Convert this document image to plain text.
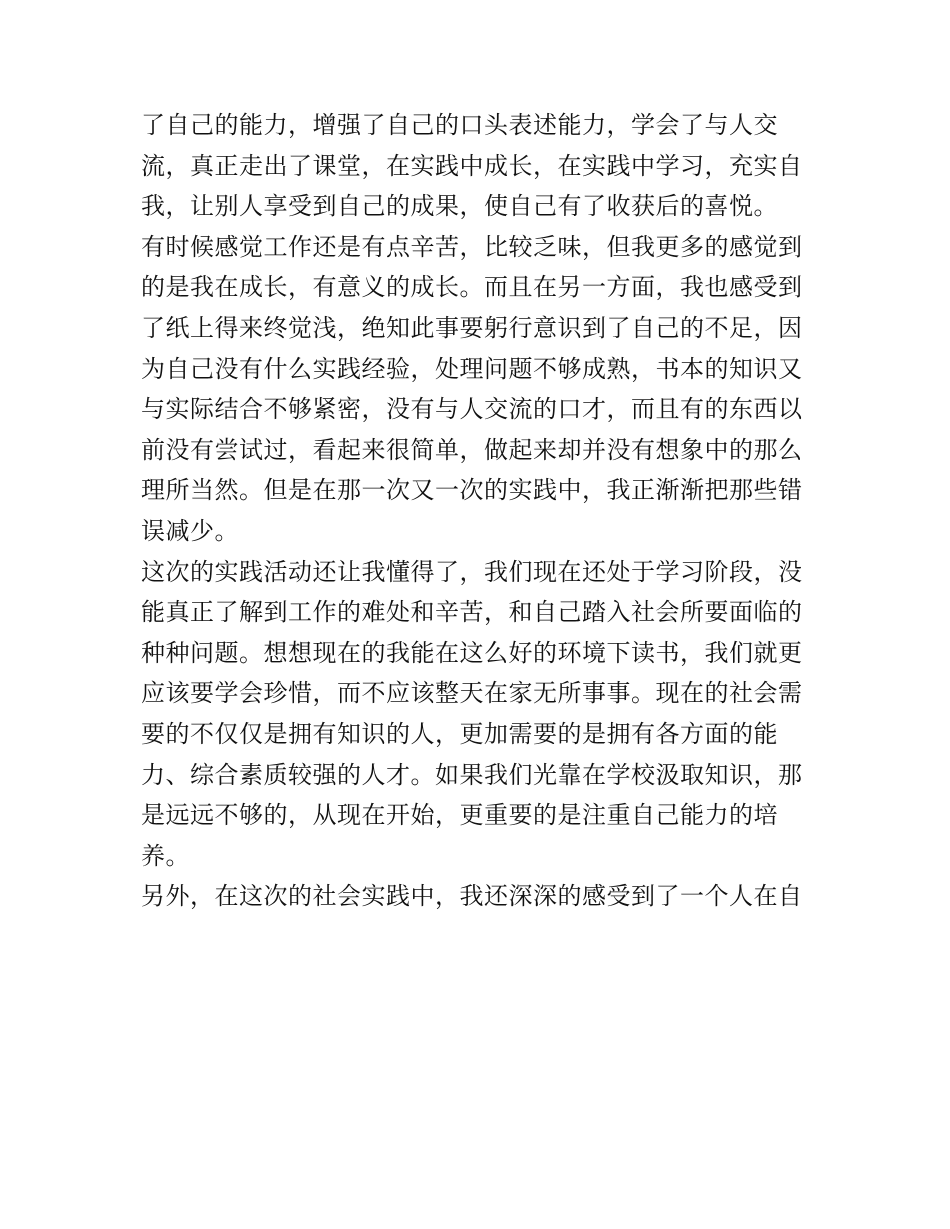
了自己的能力，增强了自己的口头表述能力，学会了与人交
流，真正走出了课堂，在实践中成长，在实践中学习，充实自
我，让别人享受到自己的成果，使自己有了收获后的喜悦。
有时候感觉工作还是有点辛苦，比较乏味，但我更多的感觉到
的是我在成长，有意义的成长。而且在另一方面，我也感受到
了纸上得来终觉浅，绝知此事要躬行意识到了自己的不足，因
为自己没有什么实践经验，处理问题不够成熟，书本的知识又
与实际结合不够紧密，没有与人交流的口才，而且有的东西以
前没有尝试过，看起来很简单，做起来却并没有想象中的那么
理所当然。但是在那一次又一次的实践中，我正渐渐把那些错
误减少。
这次的实践活动还让我懂得了，我们现在还处于学习阶段，没
能真正了解到工作的难处和辛苦，和自己踏入社会所要面临的
种种问题。想想现在的我能在这么好的环境下读书，我们就更
应该要学会珍惜，而不应该整天在家无所事事。现在的社会需
要的不仅仅是拥有知识的人，更加需要的是拥有各方面的能
力、综合素质较强的人才。如果我们光靠在学校汲取知识，那
是远远不够的，从现在开始，更重要的是注重自己能力的培
养。
另外，在这次的社会实践中，我还深深的感受到了一个人在自
